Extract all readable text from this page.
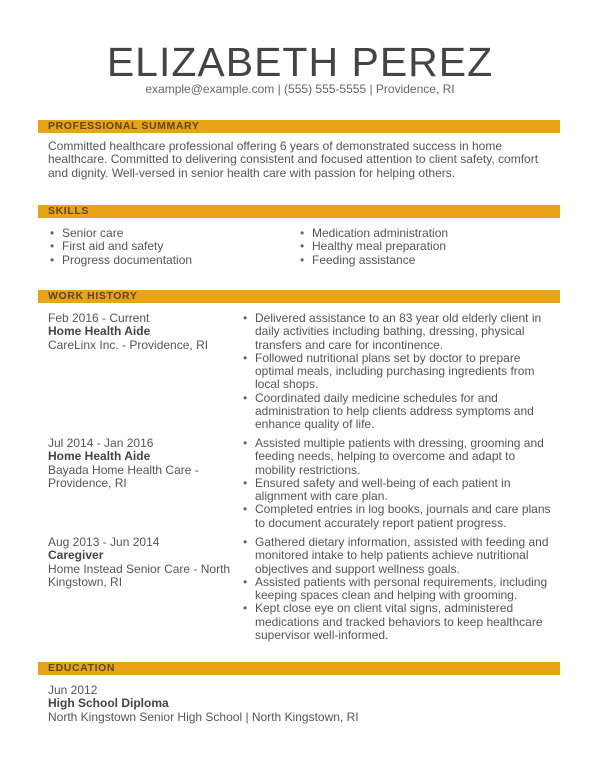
ELIZABETH PEREZ
example@example.com | (555) 555-5555 | Providence, RI
PROFESSIONAL SUMMARY
Committed healthcare professional offering 6 years of demonstrated success in home healthcare. Committed to delivering consistent and focused attention to client safety, comfort and dignity. Well-versed in senior health care with passion for helping others.
SKILLS
• Senior care
• First aid and safety
• Progress documentation
• Medication administration
• Healthy meal preparation
• Feeding assistance
WORK HISTORY
Feb 2016 - Current
Home Health Aide
CareLinx Inc. - Providence, RI
• Delivered assistance to an 83 year old elderly client in daily activities including bathing, dressing, physical transfers and care for incontinence.
• Followed nutritional plans set by doctor to prepare optimal meals, including purchasing ingredients from local shops.
• Coordinated daily medicine schedules for and administration to help clients address symptoms and enhance quality of life.
Jul 2014 - Jan 2016
Home Health Aide
Bayada Home Health Care - Providence, RI
• Assisted multiple patients with dressing, grooming and feeding needs, helping to overcome and adapt to mobility restrictions.
• Ensured safety and well-being of each patient in alignment with care plan.
• Completed entries in log books, journals and care plans to document accurately report patient progress.
Aug 2013 - Jun 2014
Caregiver
Home Instead Senior Care - North Kingstown, RI
• Gathered dietary information, assisted with feeding and monitored intake to help patients achieve nutritional objectives and support wellness goals.
• Assisted patients with personal requirements, including keeping spaces clean and helping with grooming.
• Kept close eye on client vital signs, administered medications and tracked behaviors to keep healthcare supervisor well-informed.
EDUCATION
Jun 2012
High School Diploma
North Kingstown Senior High School | North Kingstown, RI
